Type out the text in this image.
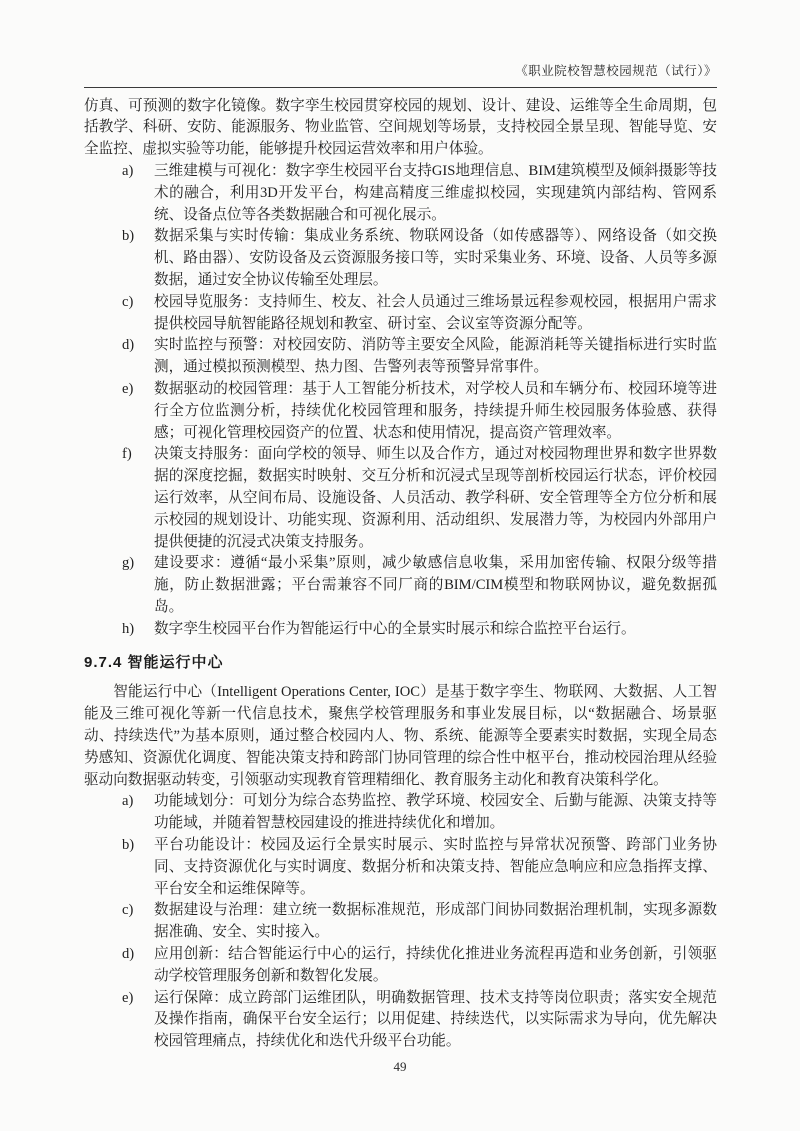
《职业院校智慧校园规范（试行）》

仿真、可预测的数字化镜像。数字孪生校园贯穿校园的规划、设计、建设、运维等全生命周期，包括教学、科研、安防、能源服务、物业监管、空间规划等场景，支持校园全景呈现、智能导览、安全监控、虚拟实验等功能，能够提升校园运营效率和用户体验。

a) 三维建模与可视化：数字孪生校园平台支持GIS地理信息、BIM建筑模型及倾斜摄影等技术的融合，利用3D开发平台，构建高精度三维虚拟校园，实现建筑内部结构、管网系统、设备点位等各类数据融合和可视化展示。
b) 数据采集与实时传输：集成业务系统、物联网设备（如传感器等）、网络设备（如交换机、路由器）、安防设备及云资源服务接口等，实时采集业务、环境、设备、人员等多源数据，通过安全协议传输至处理层。
c) 校园导览服务：支持师生、校友、社会人员通过三维场景远程参观校园，根据用户需求提供校园导航智能路径规划和教室、研讨室、会议室等资源分配等。
d) 实时监控与预警：对校园安防、消防等主要安全风险，能源消耗等关键指标进行实时监测，通过模拟预测模型、热力图、告警列表等预警异常事件。
e) 数据驱动的校园管理：基于人工智能分析技术，对学校人员和车辆分布、校园环境等进行全方位监测分析，持续优化校园管理和服务，持续提升师生校园服务体验感、获得感；可视化管理校园资产的位置、状态和使用情况，提高资产管理效率。
f) 决策支持服务：面向学校的领导、师生以及合作方，通过对校园物理世界和数字世界数据的深度挖掘，数据实时映射、交互分析和沉浸式呈现等剖析校园运行状态，评价校园运行效率，从空间布局、设施设备、人员活动、教学科研、安全管理等全方位分析和展示校园的规划设计、功能实现、资源利用、活动组织、发展潜力等，为校园内外部用户提供便捷的沉浸式决策支持服务。
g) 建设要求：遵循“最小采集”原则，减少敏感信息收集，采用加密传输、权限分级等措施，防止数据泄露；平台需兼容不同厂商的BIM/CIM模型和物联网协议，避免数据孤岛。
h) 数字孪生校园平台作为智能运行中心的全景实时展示和综合监控平台运行。
9.7.4 智能运行中心

智能运行中心（Intelligent Operations Center, IOC）是基于数字孪生、物联网、大数据、人工智能及三维可视化等新一代信息技术，聚焦学校管理服务和事业发展目标，以“数据融合、场景驱动、持续迭代”为基本原则，通过整合校园内人、物、系统、能源等全要素实时数据，实现全局态势感知、资源优化调度、智能决策支持和跨部门协同管理的综合性中枢平台，推动校园治理从经验驱动向数据驱动转变，引领驱动实现教育管理精细化、教育服务主动化和教育决策科学化。

a) 功能域划分：可划分为综合态势监控、教学环境、校园安全、后勤与能源、决策支持等功能域，并随着智慧校园建设的推进持续优化和增加。
b) 平台功能设计：校园及运行全景实时展示、实时监控与异常状况预警、跨部门业务协同、支持资源优化与实时调度、数据分析和决策支持、智能应急响应和应急指挥支撑、平台安全和运维保障等。
c) 数据建设与治理：建立统一数据标准规范，形成部门间协同数据治理机制，实现多源数据准确、安全、实时接入。
d) 应用创新：结合智能运行中心的运行，持续优化推进业务流程再造和业务创新，引领驱动学校管理服务创新和数智化发展。
e) 运行保障：成立跨部门运维团队，明确数据管理、技术支持等岗位职责；落实安全规范及操作指南，确保平台安全运行；以用促建、持续迭代，以实际需求为导向，优先解决校园管理痛点，持续优化和迭代升级平台功能。
49
